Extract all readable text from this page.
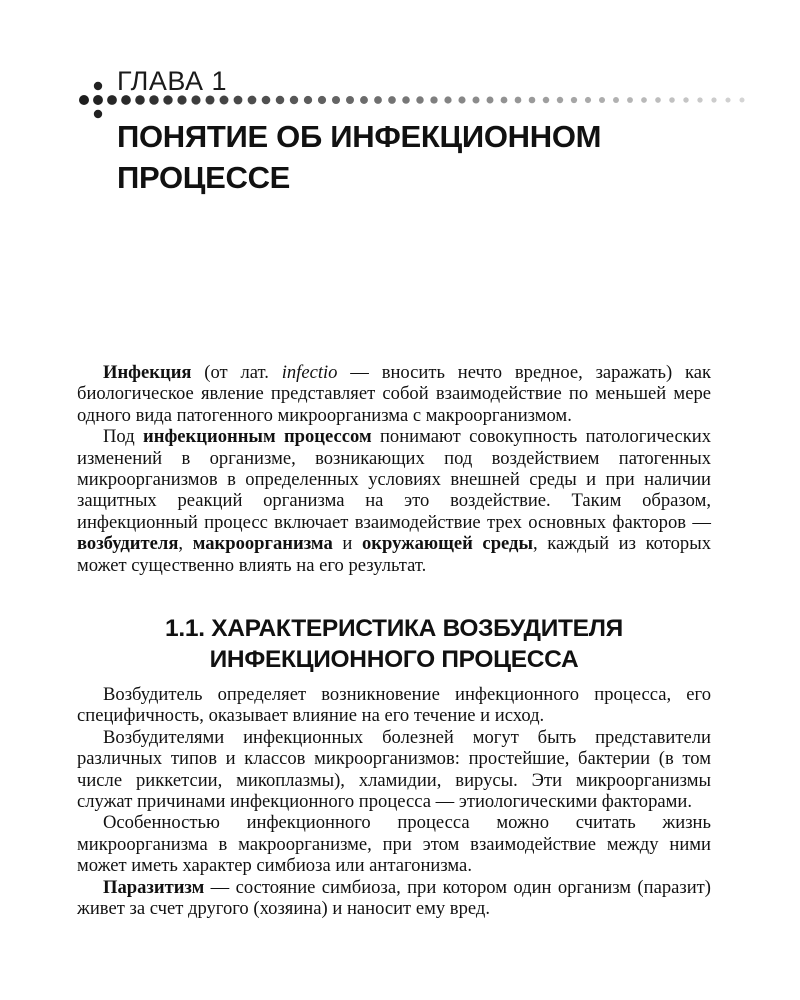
ГЛАВА 1
ПОНЯТИЕ ОБ ИНФЕКЦИОННОМ
ПРОЦЕССЕ

Инфекция (от лат. infectio — вносить нечто вредное, заражать) как биологическое явление представляет собой взаимодействие по меньшей мере одного вида патогенного микроорганизма с макроорганизмом.

Под инфекционным процессом понимают совокупность патологических изменений в организме, возникающих под воздействием патогенных микроорганизмов в определенных условиях внешней среды и при наличии защитных реакций организма на это воздействие. Таким образом, инфекционный процесс включает взаимодействие трех основных факторов — возбудителя, макроорганизма и окружающей среды, каждый из которых может существенно влиять на его результат.

1.1. ХАРАКТЕРИСТИКА ВОЗБУДИТЕЛЯ
ИНФЕКЦИОННОГО ПРОЦЕССА

Возбудитель определяет возникновение инфекционного процесса, его специфичность, оказывает влияние на его течение и исход.

Возбудителями инфекционных болезней могут быть представители различных типов и классов микроорганизмов: простейшие, бактерии (в том числе риккетсии, микоплазмы), хламидии, вирусы. Эти микроорганизмы служат причинами инфекционного процесса — этиологическими факторами.

Особенностью инфекционного процесса можно считать жизнь микроорганизма в макроорганизме, при этом взаимодействие между ними может иметь характер симбиоза или антагонизма.

Паразитизм — состояние симбиоза, при котором один организм (паразит) живет за счет другого (хозяина) и наносит ему вред.
